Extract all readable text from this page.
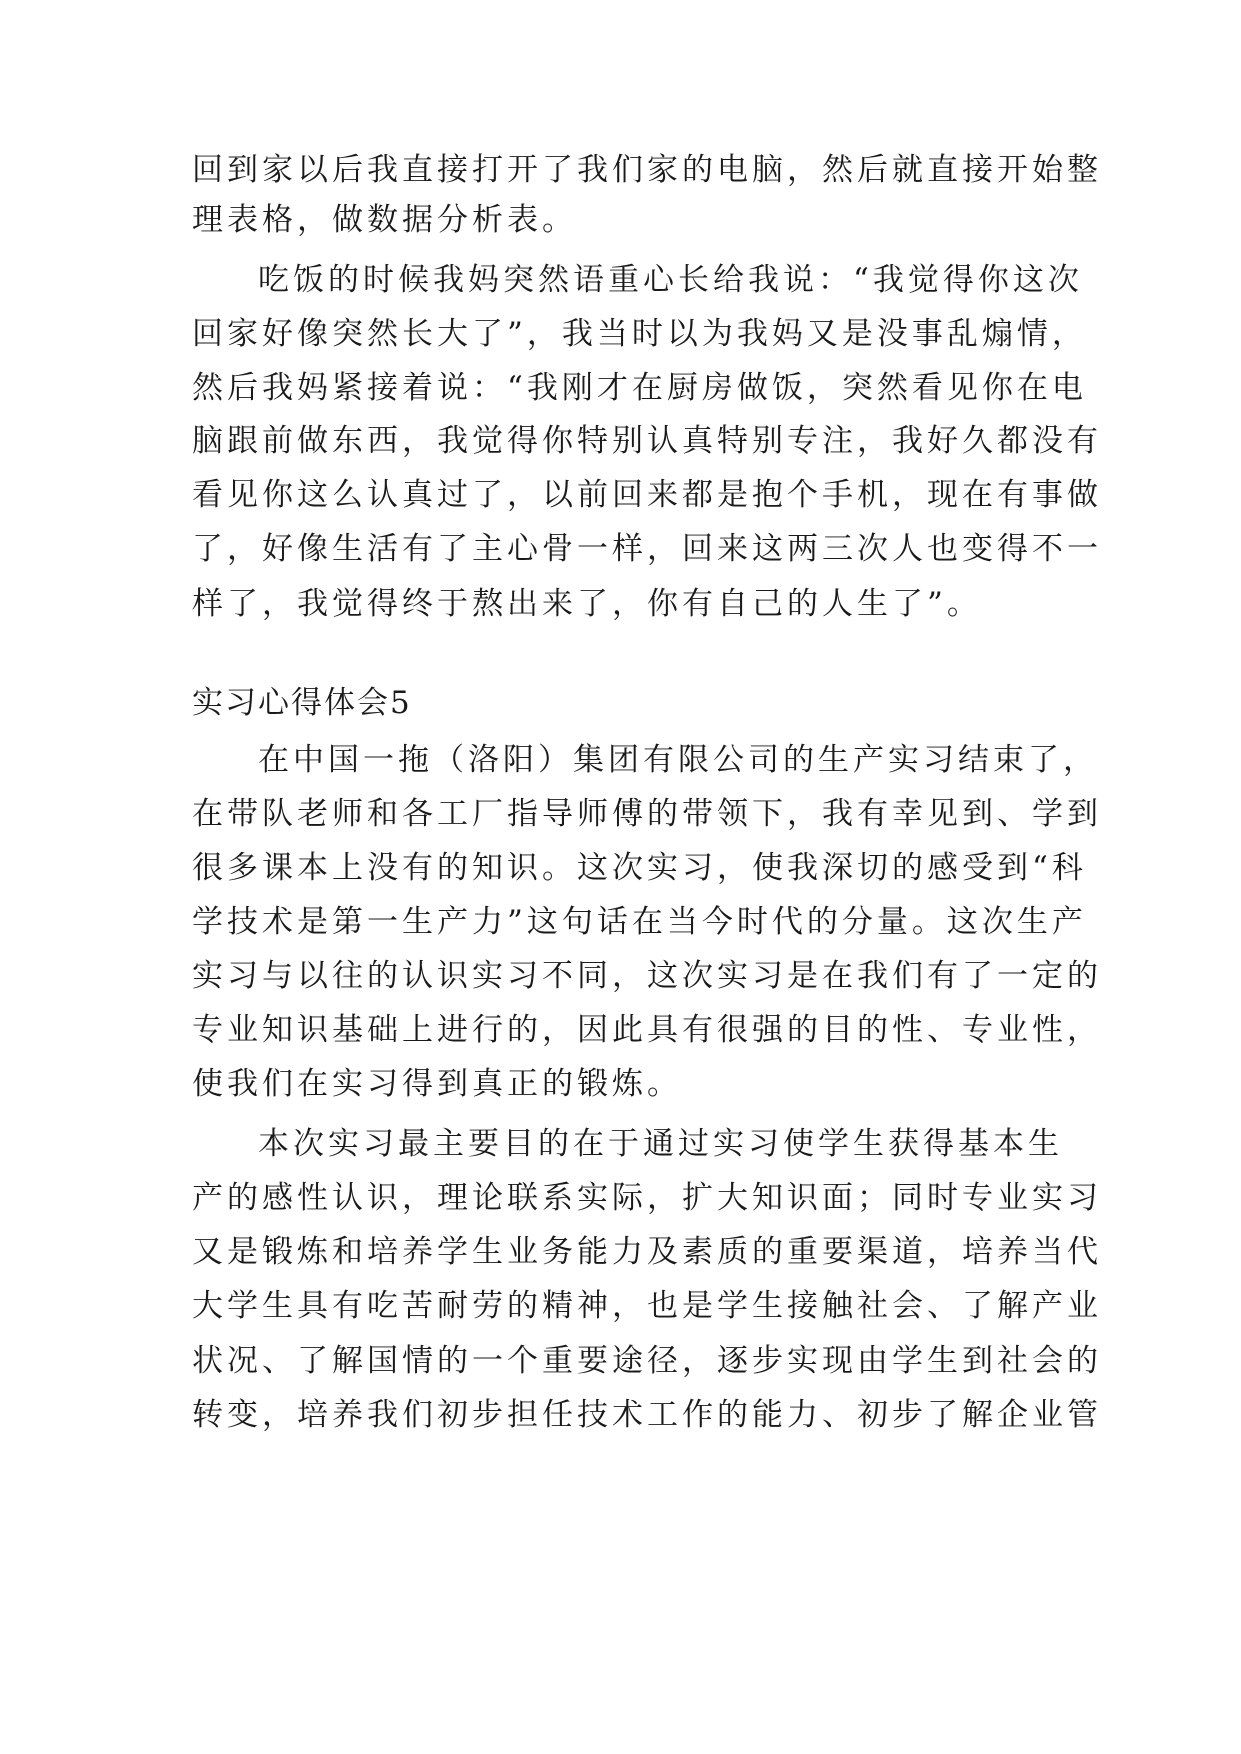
回到家以后我直接打开了我们家的电脑，然后就直接开始整
理表格，做数据分析表。
吃饭的时候我妈突然语重心长给我说：“我觉得你这次
回家好像突然长大了”，我当时以为我妈又是没事乱煽情，
然后我妈紧接着说：“我刚才在厨房做饭，突然看见你在电
脑跟前做东西，我觉得你特别认真特别专注，我好久都没有
看见你这么认真过了，以前回来都是抱个手机，现在有事做
了，好像生活有了主心骨一样，回来这两三次人也变得不一
样了，我觉得终于熬出来了，你有自己的人生了”。
实习心得体会5
在中国一拖（洛阳）集团有限公司的生产实习结束了，
在带队老师和各工厂指导师傅的带领下，我有幸见到、学到
很多课本上没有的知识。这次实习，使我深切的感受到“科
学技术是第一生产力”这句话在当今时代的分量。这次生产
实习与以往的认识实习不同，这次实习是在我们有了一定的
专业知识基础上进行的，因此具有很强的目的性、专业性，
使我们在实习得到真正的锻炼。
本次实习最主要目的在于通过实习使学生获得基本生
产的感性认识，理论联系实际，扩大知识面；同时专业实习
又是锻炼和培养学生业务能力及素质的重要渠道，培养当代
大学生具有吃苦耐劳的精神，也是学生接触社会、了解产业
状况、了解国情的一个重要途径，逐步实现由学生到社会的
转变，培养我们初步担任技术工作的能力、初步了解企业管
